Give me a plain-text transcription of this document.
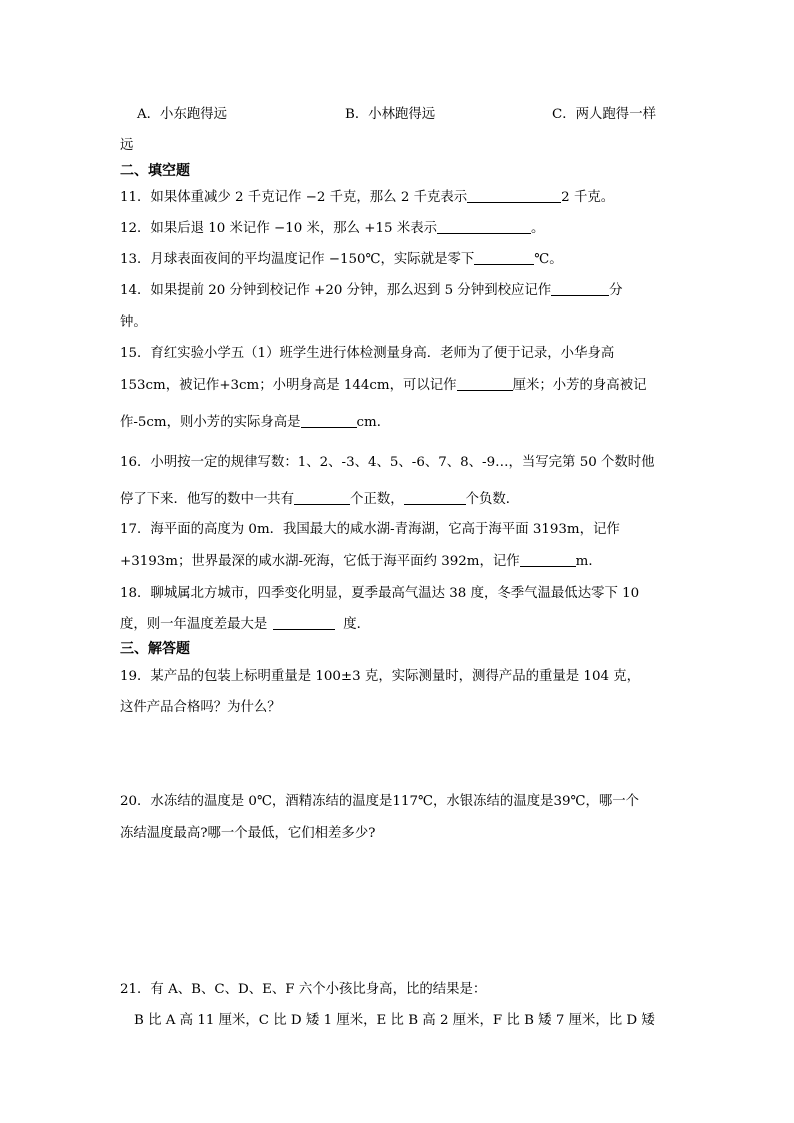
A．小东跑得远	B．小林跑得远	C．两人跑得一样
远
二、填空题
11．如果体重减少 2 千克记作 −2 千克，那么 2 千克表示	2 千克。
12．如果后退 10 米记作 −10 米，那么 +15 米表示	。
13．月球表面夜间的平均温度记作 −150℃，实际就是零下	℃。
14．如果提前 20 分钟到校记作 +20 分钟，那么迟到 5 分钟到校应记作	分
钟。
15．育红实验小学五（1）班学生进行体检测量身高．老师为了便于记录，小华身高
153cm，被记作+3cm；小明身高是 144cm，可以记作	厘米；小芳的身高被记
作-5cm，则小芳的实际身高是	cm．
16．小明按一定的规律写数：1、2、-3、4、5、-6、7、8、-9…，当写完第 50 个数时他
停了下来．他写的数中一共有	个正数，	个负数．
17．海平面的高度为 0m．我国最大的咸水湖-青海湖，它高于海平面 3193m，记作
+3193m；世界最深的咸水湖-死海，它低于海平面约 392m，记作	m．
18．聊城属北方城市，四季变化明显，夏季最高气温达 38 度，冬季气温最低达零下 10
度，则一年温度差最大是	度．
三、解答题
19．某产品的包装上标明重量是 100±3 克，实际测量时，测得产品的重量是 104 克，
这件产品合格吗？为什么？
20．水冻结的温度是 0℃，酒精冻结的温度是117℃，水银冻结的温度是39℃，哪一个
冻结温度最高?哪一个最低，它们相差多少?
21．有 A、B、C、D、E、F 六个小孩比身高，比的结果是：
B 比 A 高 11 厘米，C 比 D 矮 1 厘米，E 比 B 高 2 厘米，F 比 B 矮 7 厘米，比 D 矮
